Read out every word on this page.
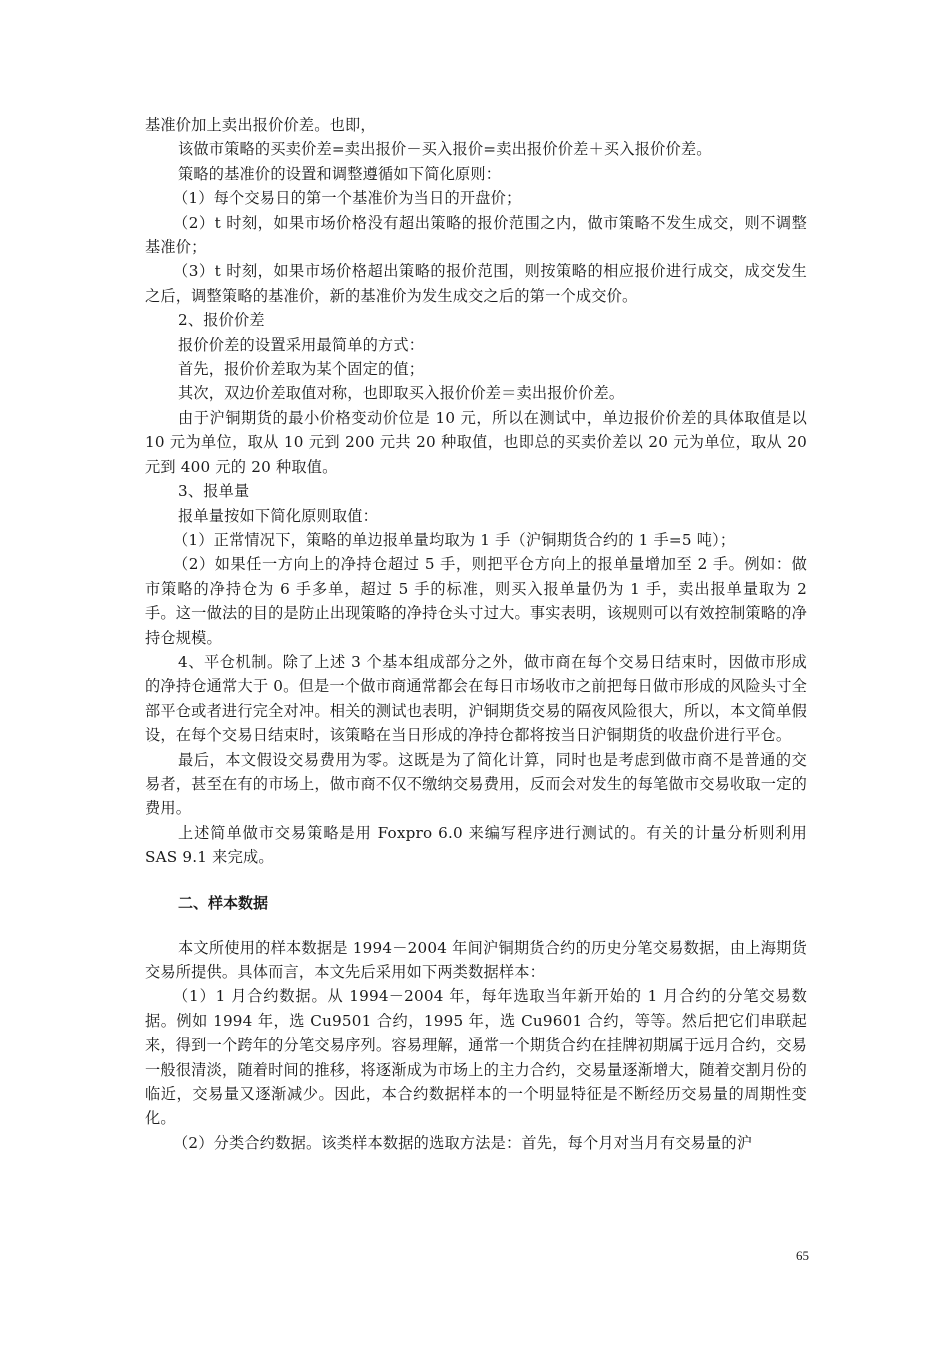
基准价加上卖出报价价差。也即，

该做市策略的买卖价差=卖出报价－买入报价=卖出报价价差＋买入报价价差。

策略的基准价的设置和调整遵循如下简化原则：

（1）每个交易日的第一个基准价为当日的开盘价；

（2）t 时刻，如果市场价格没有超出策略的报价范围之内，做市策略不发生成交，则不调整基准价；

（3）t 时刻，如果市场价格超出策略的报价范围，则按策略的相应报价进行成交，成交发生之后，调整策略的基准价，新的基准价为发生成交之后的第一个成交价。

2、报价价差

报价价差的设置采用最简单的方式：

首先，报价价差取为某个固定的值；

其次，双边价差取值对称，也即取买入报价价差＝卖出报价价差。

由于沪铜期货的最小价格变动价位是 10 元，所以在测试中，单边报价价差的具体取值是以 10 元为单位，取从 10 元到 200 元共 20 种取值，也即总的买卖价差以 20 元为单位，取从 20 元到 400 元的 20 种取值。

3、报单量

报单量按如下简化原则取值：

（1）正常情况下，策略的单边报单量均取为 1 手（沪铜期货合约的 1 手=5 吨）；

（2）如果任一方向上的净持仓超过 5 手，则把平仓方向上的报单量增加至 2 手。例如：做市策略的净持仓为 6 手多单，超过 5 手的标准，则买入报单量仍为 1 手，卖出报单量取为 2 手。这一做法的目的是防止出现策略的净持仓头寸过大。事实表明，该规则可以有效控制策略的净持仓规模。

4、平仓机制。除了上述 3 个基本组成部分之外，做市商在每个交易日结束时，因做市形成的净持仓通常大于 0。但是一个做市商通常都会在每日市场收市之前把每日做市形成的风险头寸全部平仓或者进行完全对冲。相关的测试也表明，沪铜期货交易的隔夜风险很大，所以，本文简单假设，在每个交易日结束时，该策略在当日形成的净持仓都将按当日沪铜期货的收盘价进行平仓。

最后，本文假设交易费用为零。这既是为了简化计算，同时也是考虑到做市商不是普通的交易者，甚至在有的市场上，做市商不仅不缴纳交易费用，反而会对发生的每笔做市交易收取一定的费用。

上述简单做市交易策略是用 Foxpro 6.0 来编写程序进行测试的。有关的计量分析则利用 SAS 9.1 来完成。

二、样本数据

本文所使用的样本数据是 1994－2004 年间沪铜期货合约的历史分笔交易数据，由上海期货交易所提供。具体而言，本文先后采用如下两类数据样本：

（1）1 月合约数据。从 1994－2004 年，每年选取当年新开始的 1 月合约的分笔交易数据。例如 1994 年，选 Cu9501 合约，1995 年，选 Cu9601 合约，等等。然后把它们串联起来，得到一个跨年的分笔交易序列。容易理解，通常一个期货合约在挂牌初期属于远月合约，交易一般很清淡，随着时间的推移，将逐渐成为市场上的主力合约，交易量逐渐增大，随着交割月份的临近，交易量又逐渐减少。因此，本合约数据样本的一个明显特征是不断经历交易量的周期性变化。

（2）分类合约数据。该类样本数据的选取方法是：首先，每个月对当月有交易量的沪

65
